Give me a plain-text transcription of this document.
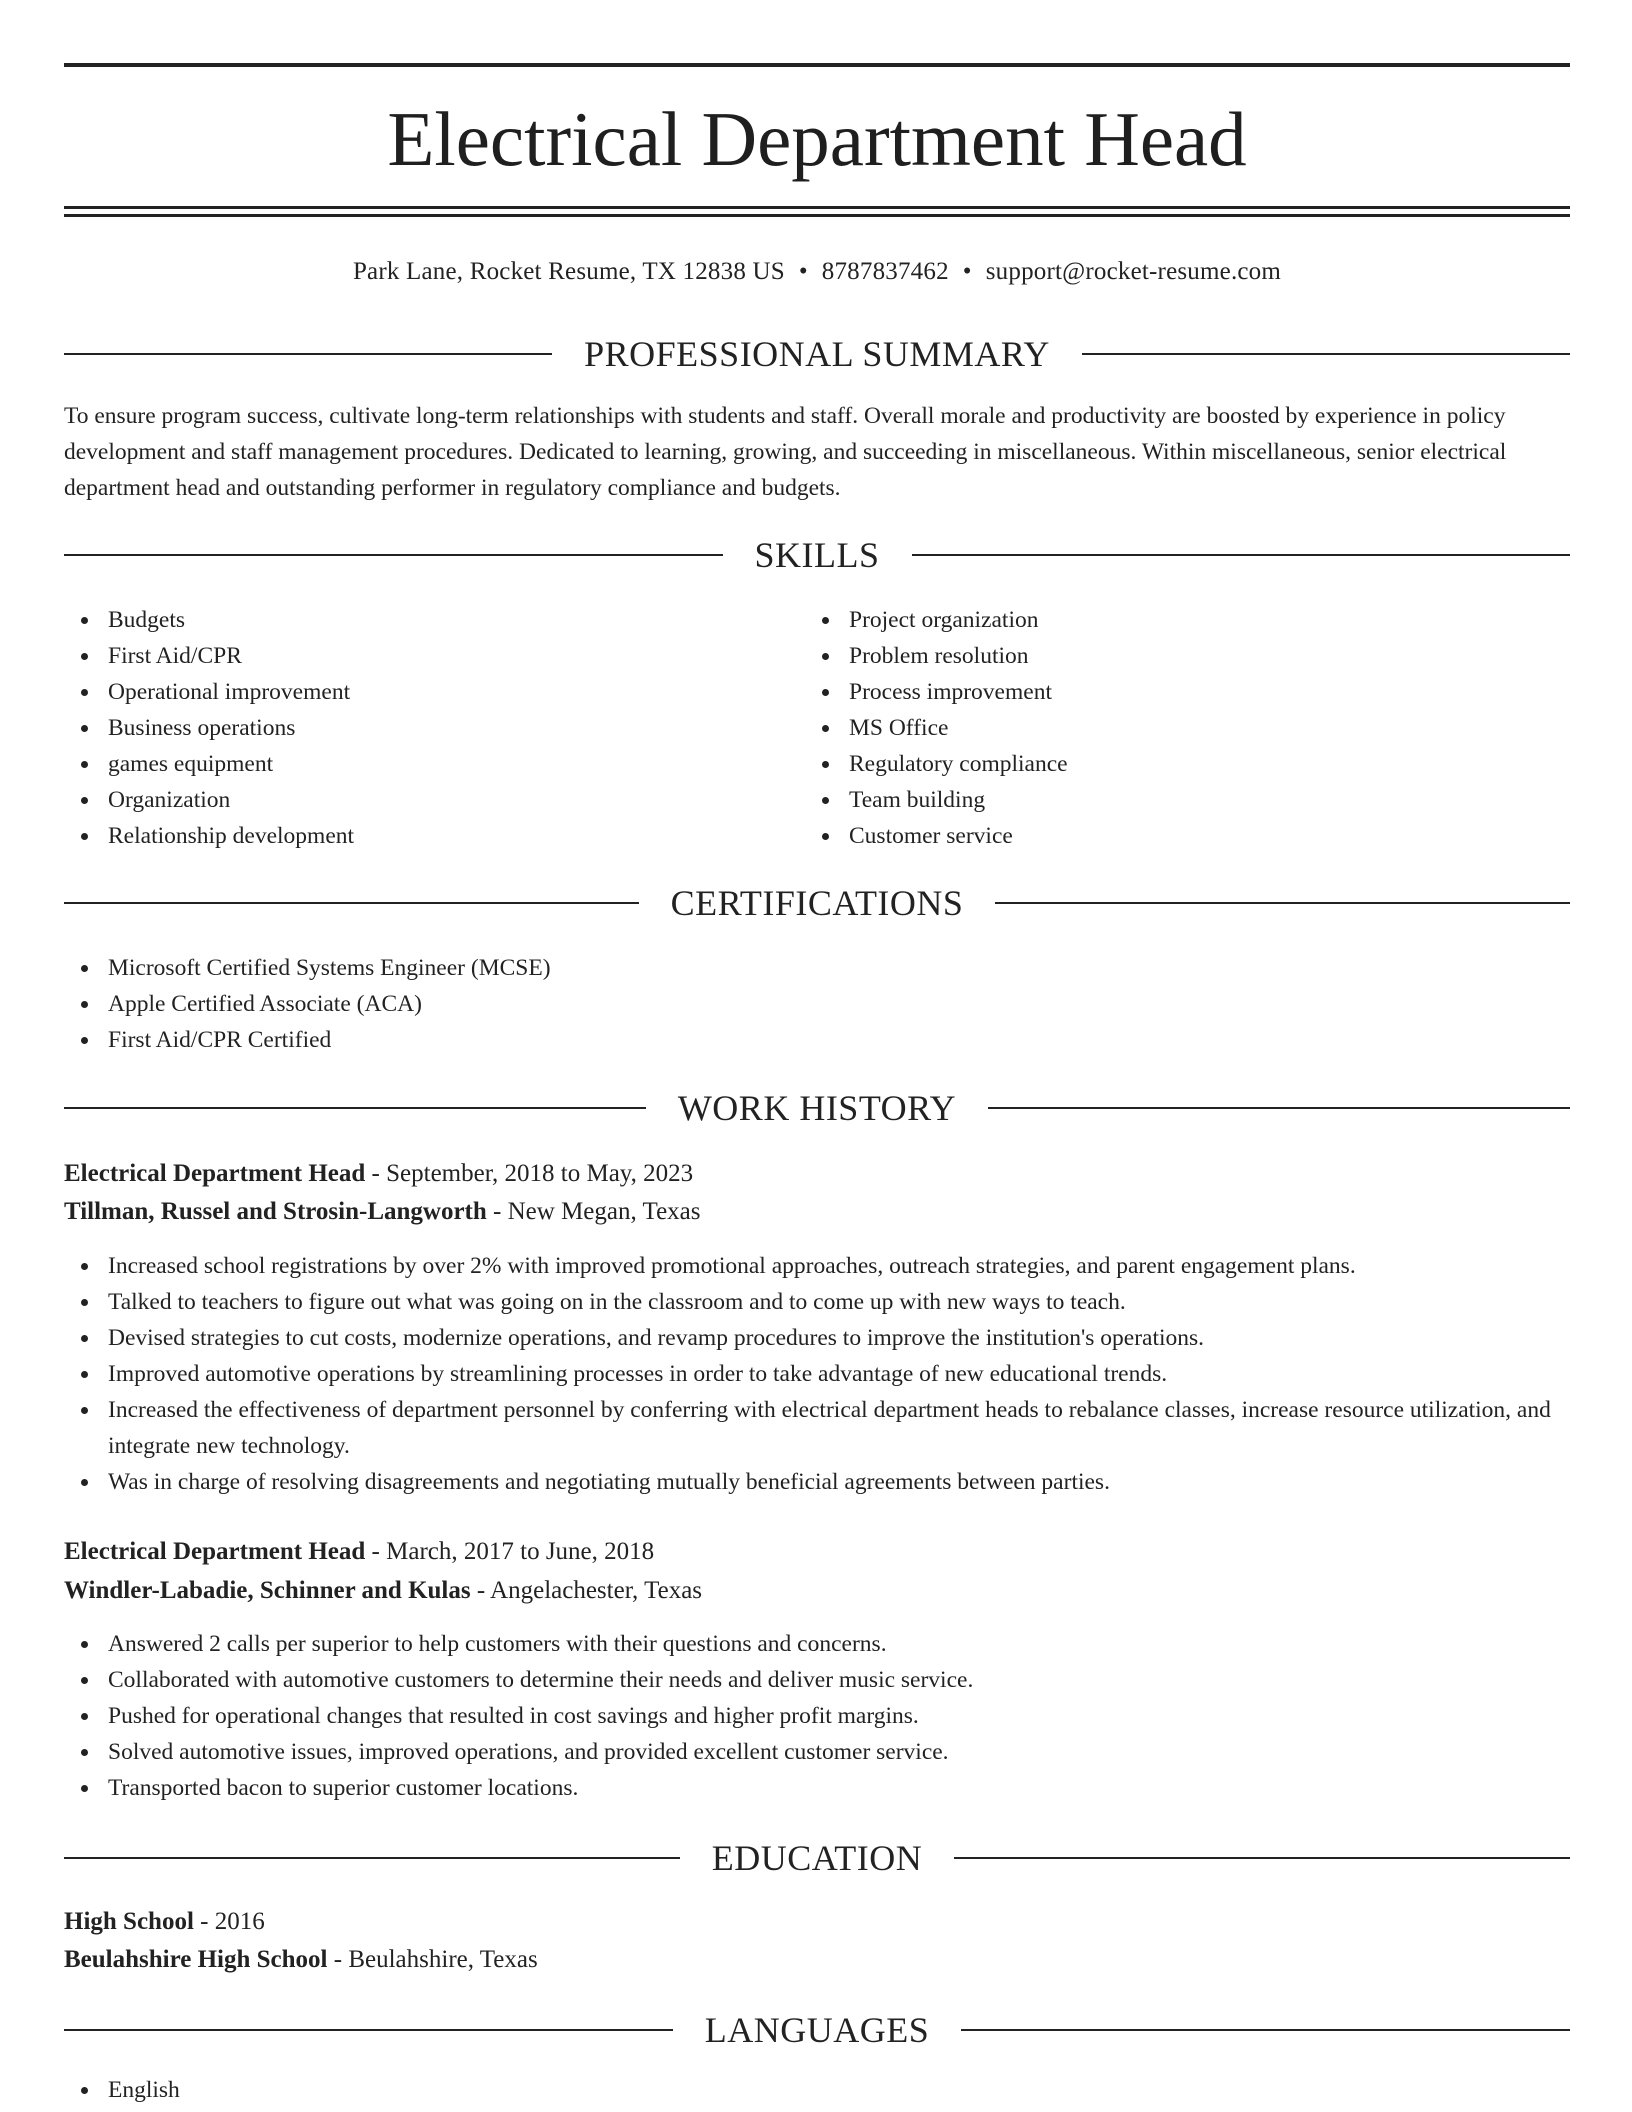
Electrical Department Head
Park Lane, Rocket Resume, TX 12838 US • 8787837462 • support@rocket-resume.com
PROFESSIONAL SUMMARY
To ensure program success, cultivate long-term relationships with students and staff. Overall morale and productivity are boosted by experience in policy development and staff management procedures. Dedicated to learning, growing, and succeeding in miscellaneous. Within miscellaneous, senior electrical department head and outstanding performer in regulatory compliance and budgets.
SKILLS
Budgets
First Aid/CPR
Operational improvement
Business operations
games equipment
Organization
Relationship development
Project organization
Problem resolution
Process improvement
MS Office
Regulatory compliance
Team building
Customer service
CERTIFICATIONS
Microsoft Certified Systems Engineer (MCSE)
Apple Certified Associate (ACA)
First Aid/CPR Certified
WORK HISTORY
Electrical Department Head - September, 2018 to May, 2023
Tillman, Russel and Strosin-Langworth - New Megan, Texas
Increased school registrations by over 2% with improved promotional approaches, outreach strategies, and parent engagement plans.
Talked to teachers to figure out what was going on in the classroom and to come up with new ways to teach.
Devised strategies to cut costs, modernize operations, and revamp procedures to improve the institution's operations.
Improved automotive operations by streamlining processes in order to take advantage of new educational trends.
Increased the effectiveness of department personnel by conferring with electrical department heads to rebalance classes, increase resource utilization, and integrate new technology.
Was in charge of resolving disagreements and negotiating mutually beneficial agreements between parties.
Electrical Department Head - March, 2017 to June, 2018
Windler-Labadie, Schinner and Kulas - Angelachester, Texas
Answered 2 calls per superior to help customers with their questions and concerns.
Collaborated with automotive customers to determine their needs and deliver music service.
Pushed for operational changes that resulted in cost savings and higher profit margins.
Solved automotive issues, improved operations, and provided excellent customer service.
Transported bacon to superior customer locations.
EDUCATION
High School - 2016
Beulahshire High School - Beulahshire, Texas
LANGUAGES
English
